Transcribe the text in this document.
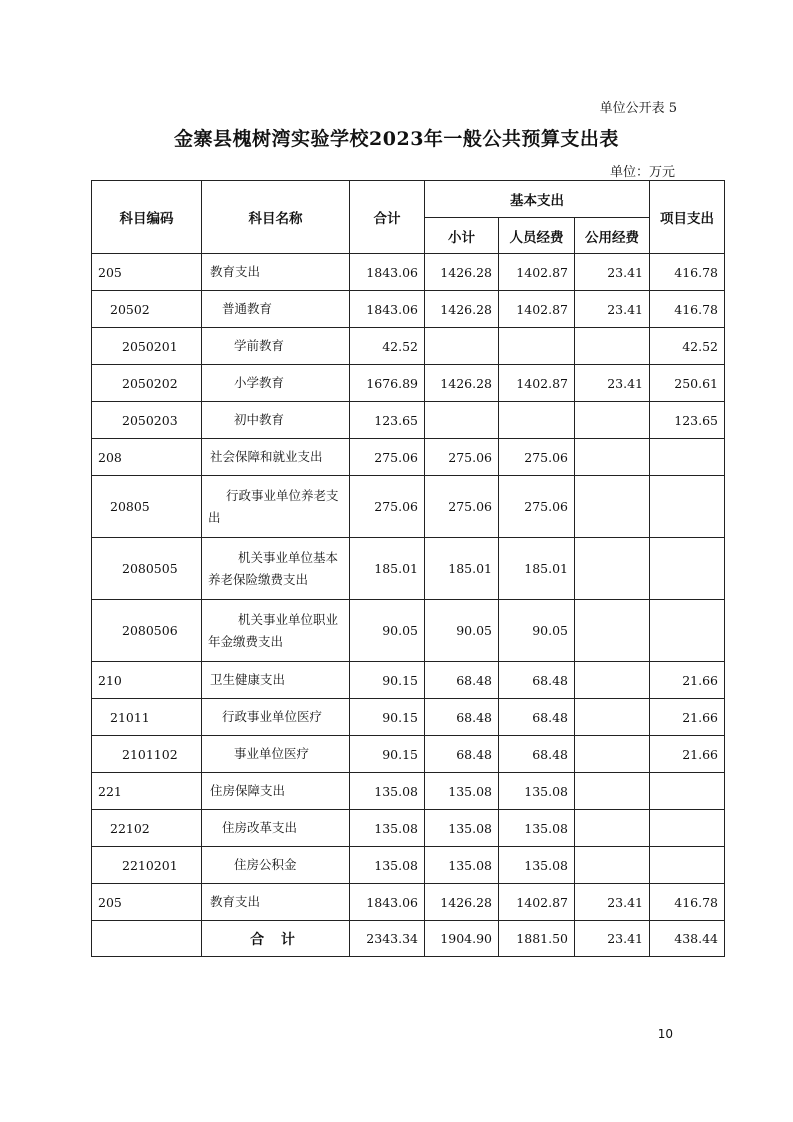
单位公开表 5
金寨县槐树湾实验学校2023年一般公共预算支出表
单位：万元
科目编码	科目名称	合计	基本支出			项目支出
			小计	人员经费	公用经费	
205	教育支出	1843.06	1426.28	1402.87	23.41	416.78
20502	普通教育	1843.06	1426.28	1402.87	23.41	416.78
2050201	学前教育	42.52				42.52
2050202	小学教育	1676.89	1426.28	1402.87	23.41	250.61
2050203	初中教育	123.65				123.65
208	社会保障和就业支出	275.06	275.06	275.06		
20805	行政事业单位养老支出	275.06	275.06	275.06		
2080505	机关事业单位基本养老保险缴费支出	185.01	185.01	185.01		
2080506	机关事业单位职业年金缴费支出	90.05	90.05	90.05		
210	卫生健康支出	90.15	68.48	68.48		21.66
21011	行政事业单位医疗	90.15	68.48	68.48		21.66
2101102	事业单位医疗	90.15	68.48	68.48		21.66
221	住房保障支出	135.08	135.08	135.08		
22102	住房改革支出	135.08	135.08	135.08		
2210201	住房公积金	135.08	135.08	135.08		
205	教育支出	1843.06	1426.28	1402.87	23.41	416.78
	合 计	2343.34	1904.90	1881.50	23.41	438.44
10
